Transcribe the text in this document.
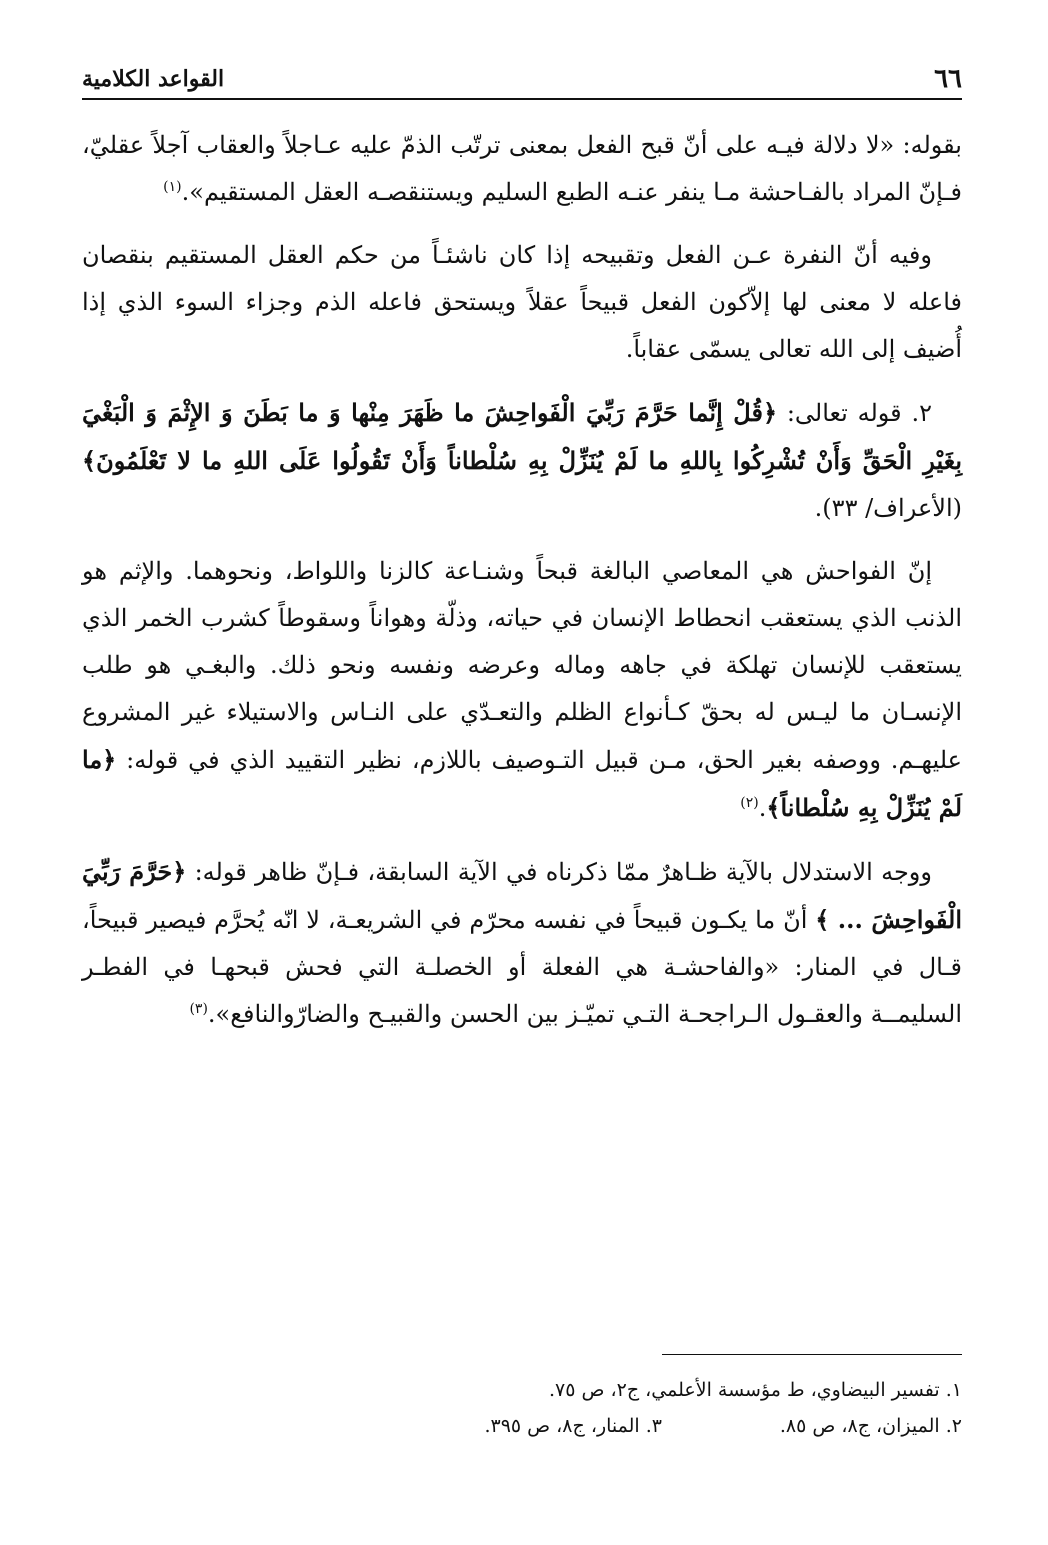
٦٦
القواعد الكلامية

بقوله: «لا دلالة فيـه على أنّ قبح الفعل بمعنى ترتّب الذمّ عليه عـاجلاً والعقاب آجلاً عقليّ، فـإنّ المراد بالفـاحشة مـا ينفر عنـه الطبع السليم ويستنقصـه العقل المستقيم».$^{(١)}$

وفيه أنّ النفرة عـن الفعل وتقبيحه إذا كان ناشئـاً من حكم العقل المستقيم بنقصان فاعله لا معنى لها إلاّكون الفعل قبيحاً عقلاً ويستحق فاعله الذم وجزاء السوء الذي إذا أُضيف إلى الله تعالى يسمّى عقاباً.

٢. قوله تعالى: ﴿قُلْ إِنَّما حَرَّمَ رَبِّيَ الْفَواحِشَ ما ظَهَرَ مِنْها وَ ما بَطَنَ وَ الإِثْمَ وَ الْبَغْيَ بِغَيْرِ الْحَقِّ وَأَنْ تُشْرِكُوا بِاللهِ ما لَمْ يُنَزِّلْ بِهِ سُلْطاناً وَأَنْ تَقُولُوا عَلَى اللهِ ما لا تَعْلَمُونَ﴾(الأعراف/ ٣٣).

إنّ الفواحش هي المعاصي البالغة قبحاً وشنـاعة كالزنا واللواط، ونحوهما. والإثم هو الذنب الذي يستعقب انحطاط الإنسان في حياته، وذلّة وهواناً وسقوطاً كشرب الخمر الذي يستعقب للإنسان تهلكة في جاهه وماله وعرضه ونفسه ونحو ذلك. والبغـي هو طلب الإنسـان ما ليـس له بحقّ كـأنواع الظلم والتعـدّي على النـاس والاستيلاء غير المشروع عليهـم. ووصفه بغير الحق، مـن قبيل التـوصيف باللازم، نظير التقييد الذي في قوله: ﴿ما لَمْ يُنَزِّلْ بِهِ سُلْطاناً﴾.$^{(٢)}$

ووجه الاستدلال بالآية ظـاهرٌ ممّا ذكرناه في الآية السابقة، فـإنّ ظاهر قوله: ﴿حَرَّمَ رَبِّيَ الْفَواحِشَ ... ﴾ أنّ ما يكـون قبيحاً في نفسه محرّم في الشريعـة، لا انّه يُحرَّم فيصير قبيحاً، قـال في المنار: «والفاحشـة هي الفعلة أو الخصلـة التي فحش قبحهـا في الفطـر السليمــة والعقـول الـراجحـة التـي تميّـز بين الحسن والقبيـح والضارّوالنافع».$^{(٣)}$

١. تفسير البيضاوي، ط مؤسسة الأعلمي، ج٢، ص ٧٥.
٢. الميزان، ج٨، ص ٨٥.
٣. المنار، ج٨، ص ٣٩٥.
